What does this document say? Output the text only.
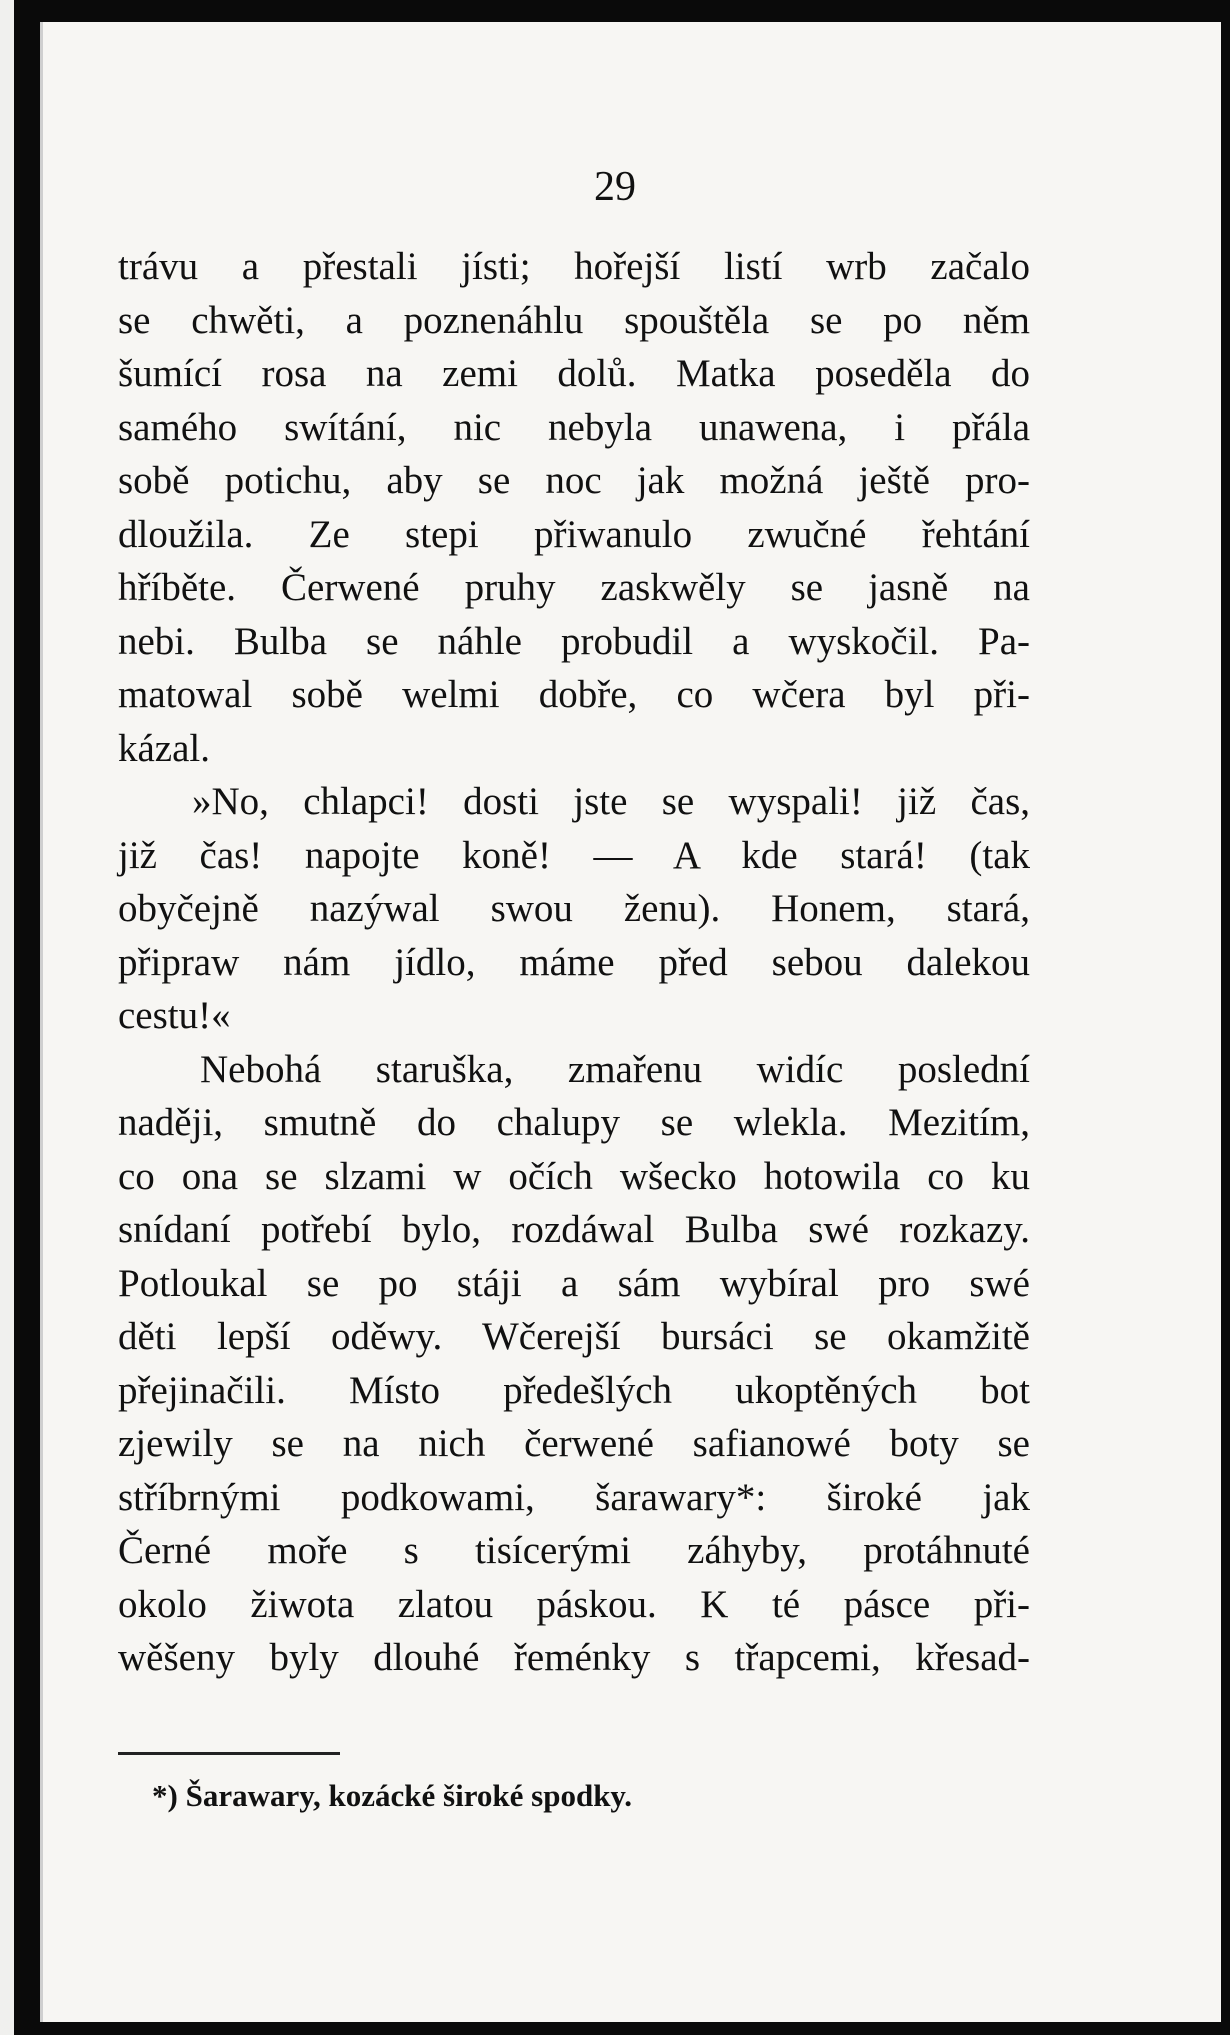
29
trávu a přestali jísti; hořejší listí wrb začalo
se chwěti, a poznenáhlu spouštěla se po něm
šumící rosa na zemi dolů. Matka poseděla do
samého swítání, nic nebyla unawena, i přála
sobě potichu, aby se noc jak možná ještě pro-
dloužila. Ze stepi přiwanulo zwučné řehtání
hříběte. Čerwené pruhy zaskwěly se jasně na
nebi. Bulba se náhle probudil a wyskočil. Pa-
matowal sobě welmi dobře, co wčera byl při-
kázal.
»No, chlapci! dosti jste se wyspali! již čas,
již čas! napojte koně! — A kde stará! (tak
obyčejně nazýwal swou ženu). Honem, stará,
připraw nám jídlo, máme před sebou dalekou
cestu!«
Nebohá staruška, zmařenu widíc poslední
naději, smutně do chalupy se wlekla. Mezitím,
co ona se slzami w očích wšecko hotowila co ku
snídaní potřebí bylo, rozdáwal Bulba swé rozkazy.
Potloukal se po stáji a sám wybíral pro swé
děti lepší oděwy. Wčerejší bursáci se okamžitě
přejinačili. Místo předešlých ukoptěných bot
zjewily se na nich čerwené safianowé boty se
stříbrnými podkowami, šarawary*: široké jak
Černé moře s tisícerými záhyby, protáhnuté
okolo žiwota zlatou páskou. K té pásce při-
wěšeny byly dlouhé řeménky s třapcemi, křesad-
*) Šarawary, kozácké široké spodky.
